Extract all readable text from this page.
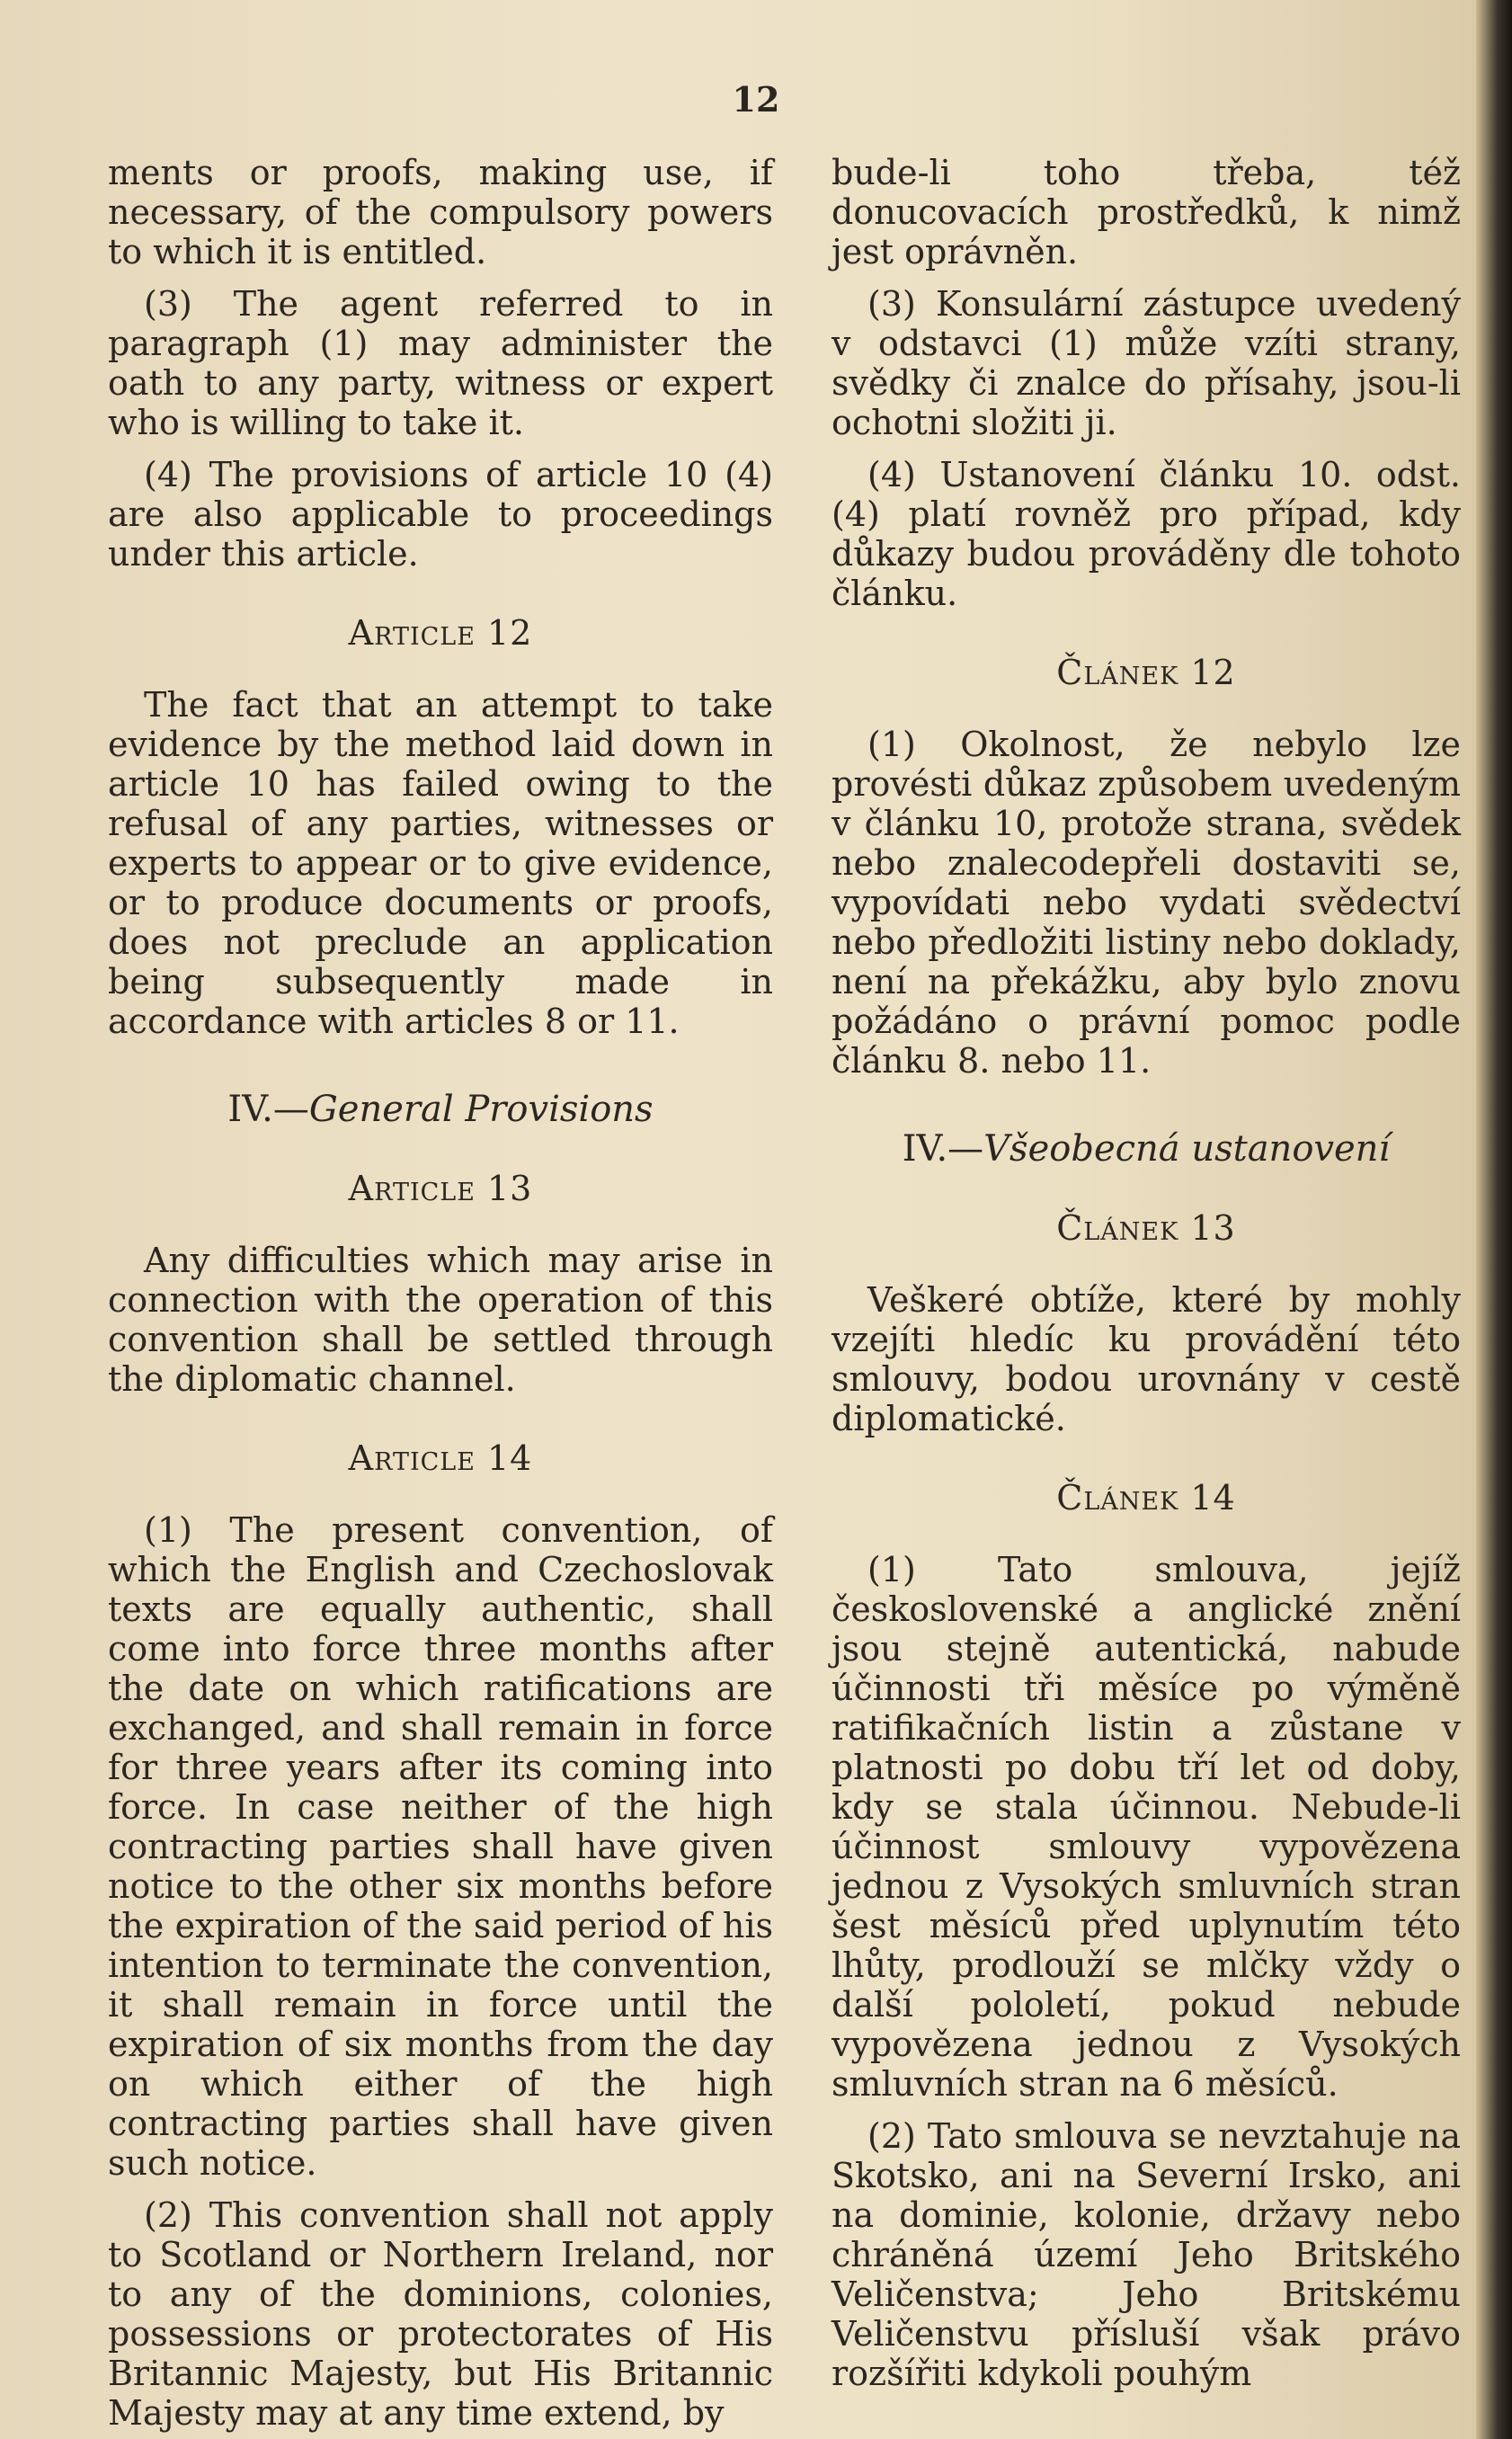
12

ments or proofs, making use, if necessary, of the compulsory powers to which it is entitled.

(3) The agent referred to in paragraph (1) may administer the oath to any party, witness or expert who is willing to take it.

(4) The provisions of article 10 (4) are also applicable to proceedings under this article.

Article 12

The fact that an attempt to take evidence by the method laid down in article 10 has failed owing to the refusal of any parties, witnesses or experts to appear or to give evidence, or to produce documents or proofs, does not preclude an application being subsequently made in accordance with articles 8 or 11.

IV.—General Provisions
Article 13

Any difficulties which may arise in connection with the operation of this convention shall be settled through the diplomatic channel.

Article 14

(1) The present convention, of which the English and Czechoslovak texts are equally authentic, shall come into force three months after the date on which ratifications are exchanged, and shall remain in force for three years after its coming into force. In case neither of the high contracting parties shall have given notice to the other six months before the expiration of the said period of his intention to terminate the convention, it shall remain in force until the expiration of six months from the day on which either of the high contracting parties shall have given such notice.

(2) This convention shall not apply to Scotland or Northern Ireland, nor to any of the dominions, colonies, possessions or protectorates of His Britannic Majesty, but His Britannic Majesty may at any time extend, by

bude-li toho třeba, též donucovacích prostředků, k nimž jest oprávněn.

(3) Konsulární zástupce uvedený v odstavci (1) může vzíti strany, svědky či znalce do přísahy, jsou-li ochotni složiti ji.

(4) Ustanovení článku 10. odst. (4) platí rovněž pro případ, kdy důkazy budou prováděny dle tohoto článku.

Článek 12

(1) Okolnost, že nebylo lze provésti důkaz způsobem uvedeným v článku 10, protože strana, svědek nebo znalecodepřeli dostaviti se, vypovídati nebo vydati svědectví nebo předložiti listiny nebo doklady, není na překážku, aby bylo znovu požádáno o právní pomoc podle článku 8. nebo 11.

IV.—Všeobecná ustanovení
Článek 13

Veškeré obtíže, které by mohly vzejíti hledíc ku provádění této smlouvy, bodou urovnány v cestě diplomatické.

Článek 14

(1) Tato smlouva, jejíž československé a anglické znění jsou stejně autentická, nabude účinnosti tři měsíce po výměně ratifikačních listin a zůstane v platnosti po dobu tří let od doby, kdy se stala účinnou. Nebude-li účinnost smlouvy vypovězena jednou z Vysokých smluvních stran šest měsíců před uplynutím této lhůty, prodlouží se mlčky vždy o další pololetí, pokud nebude vypovězena jednou z Vysokých smluvních stran na 6 měsíců.

(2) Tato smlouva se nevztahuje na Skotsko, ani na Severní Irsko, ani na dominie, kolonie, državy nebo chráněná území Jeho Britského Veličenstva; Jeho Britskému Veličenstvu přísluší však právo rozšířiti kdykoli pouhým
